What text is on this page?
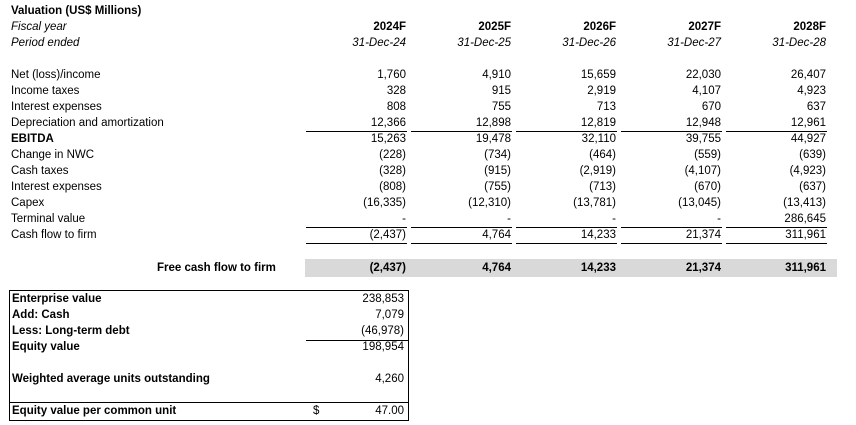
Valuation (US$ Millions)
Fiscal year
Period ended
2024F	2025F	2026F	2027F	2028F
31-Dec-24	31-Dec-25	31-Dec-26	31-Dec-27	31-Dec-28
Net (loss)/income	1,760	4,910	15,659	22,030	26,407
Income taxes	328	915	2,919	4,107	4,923
Interest expenses	808	755	713	670	637
Depreciation and amortization	12,366	12,898	12,819	12,948	12,961
EBITDA	15,263	19,478	32,110	39,755	44,927
Change in NWC	(228)	(734)	(464)	(559)	(639)
Cash taxes	(328)	(915)	(2,919)	(4,107)	(4,923)
Interest expenses	(808)	(755)	(713)	(670)	(637)
Capex	(16,335)	(12,310)	(13,781)	(13,045)	(13,413)
Terminal value	-	-	-	-	286,645
Cash flow to firm	(2,437)	4,764	14,233	21,374	311,961
Free cash flow to firm	(2,437)	4,764	14,233	21,374	311,961
Enterprise value	238,853
Add: Cash	7,079
Less: Long-term debt	(46,978)
Equity value	198,954
Weighted average units outstanding	4,260
Equity value per common unit	$	47.00
